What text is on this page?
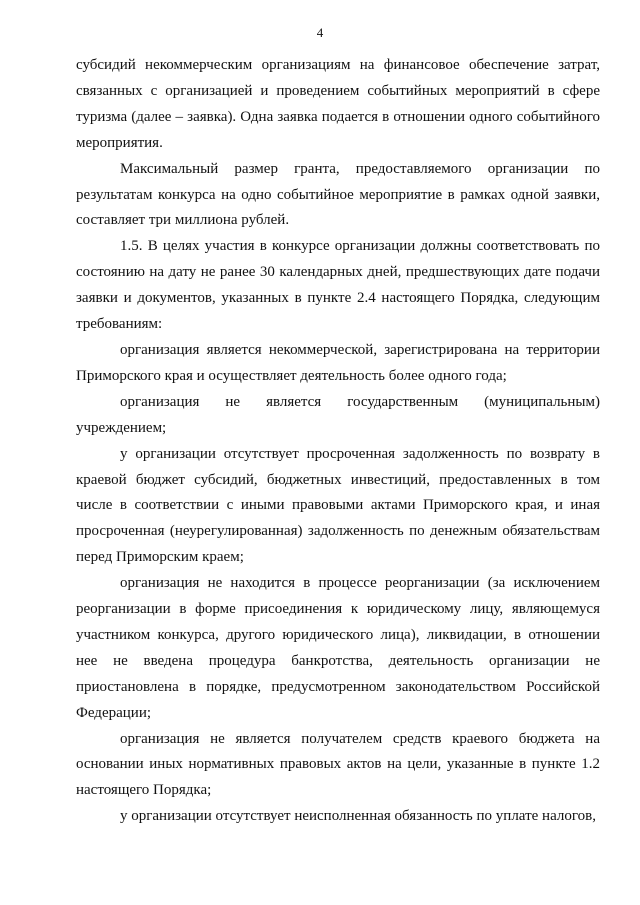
4

субсидий некоммерческим организациям на финансовое обеспечение затрат, связанных с организацией и проведением событийных мероприятий в сфере туризма (далее – заявка). Одна заявка подается в отношении одного событийного мероприятия.

Максимальный размер гранта, предоставляемого организации по результатам конкурса на одно событийное мероприятие в рамках одной заявки, составляет три миллиона рублей.

1.5. В целях участия в конкурсе организации должны соответствовать по состоянию на дату не ранее 30 календарных дней, предшествующих дате подачи заявки и документов, указанных в пункте 2.4 настоящего Порядка, следующим требованиям:

организация является некоммерческой, зарегистрирована на территории Приморского края и осуществляет деятельность более одного года;

организация не является государственным (муниципальным) учреждением;

у организации отсутствует просроченная задолженность по возврату в краевой бюджет субсидий, бюджетных инвестиций, предоставленных в том числе в соответствии с иными правовыми актами Приморского края, и иная просроченная (неурегулированная) задолженность по денежным обязательствам перед Приморским краем;

организация не находится в процессе реорганизации (за исключением реорганизации в форме присоединения к юридическому лицу, являющемуся участником конкурса, другого юридического лица), ликвидации, в отношении нее не введена процедура банкротства, деятельность организации не приостановлена в порядке, предусмотренном законодательством Российской Федерации;

организация не является получателем средств краевого бюджета на основании иных нормативных правовых актов на цели, указанные в пункте 1.2 настоящего Порядка;

у организации отсутствует неисполненная обязанность по уплате налогов,
